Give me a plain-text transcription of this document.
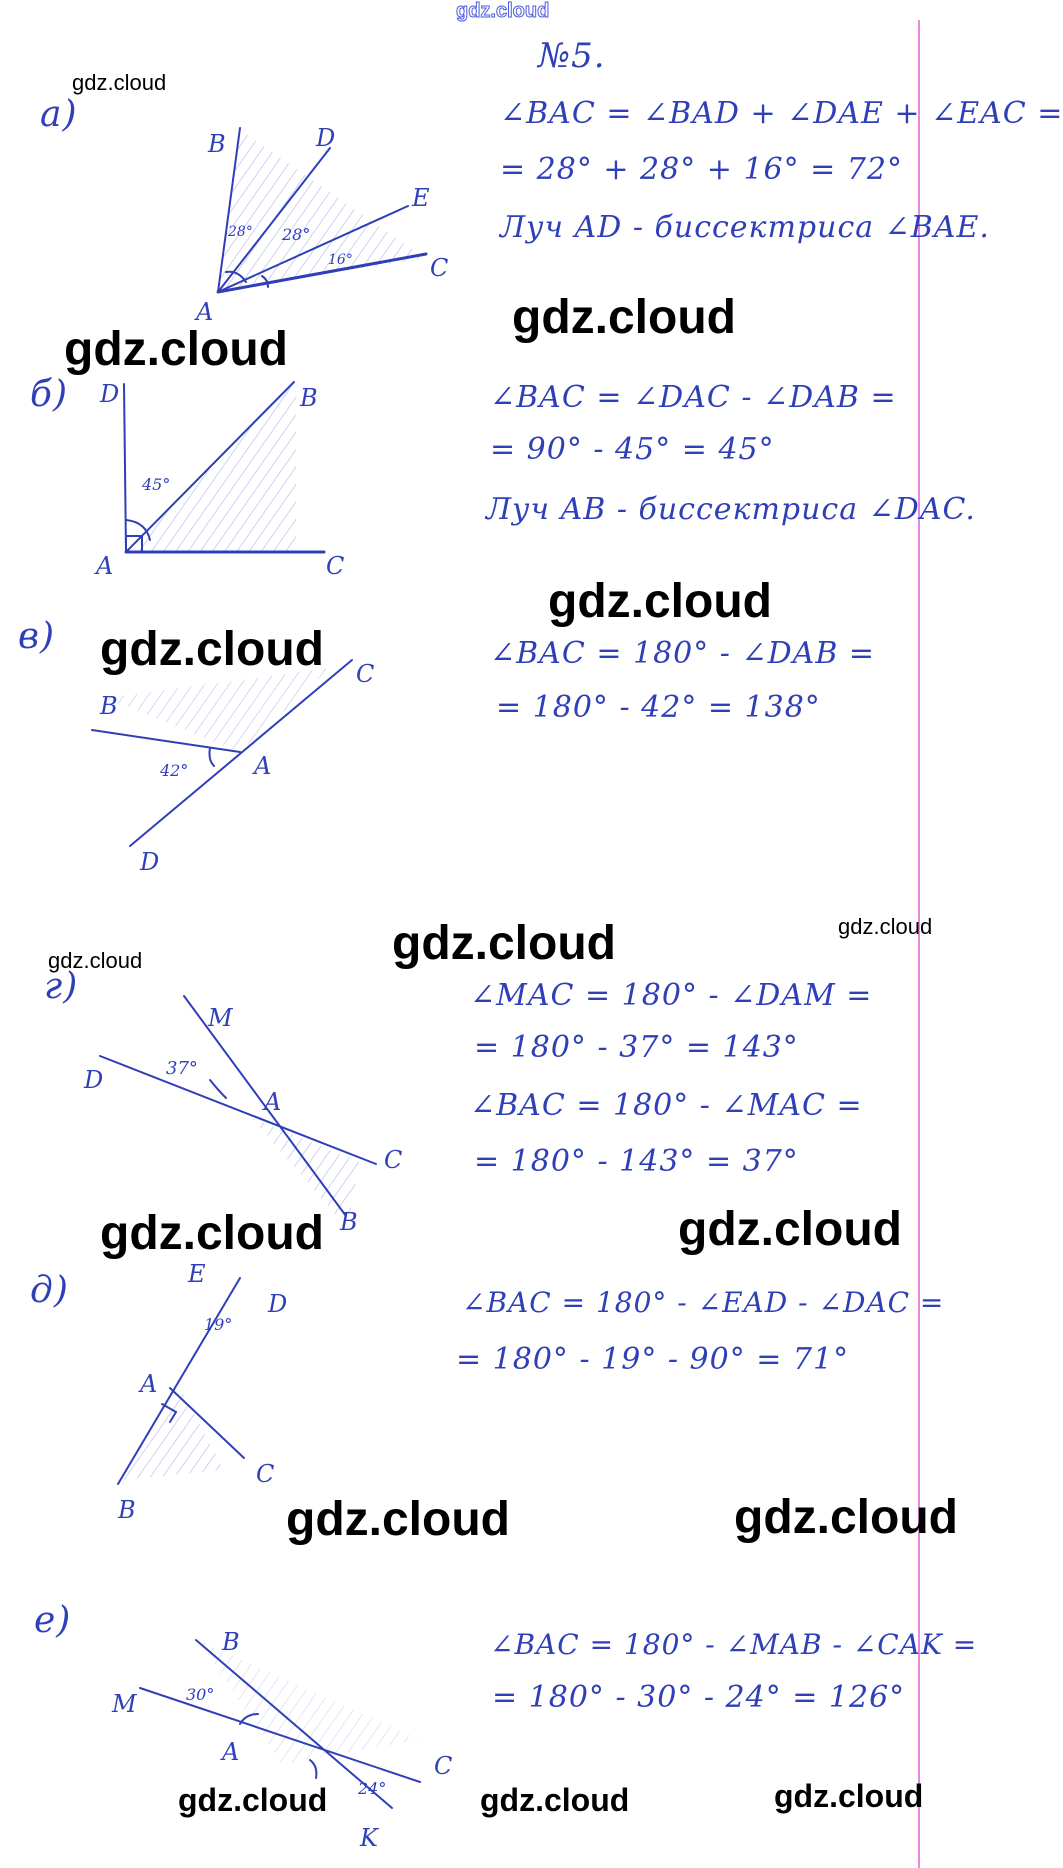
gdz.cloud
gdz.cloud
gdz.cloud
gdz.cloud
gdz.cloud
gdz.cloud
gdz.cloud	gdz.cloud
gdz.cloud
gdz.cloud	gdz.cloud
gdz.cloud	gdz.cloud
gdz.cloud	gdz.cloud	gdz.cloud
№5.
а)	∠BAC = ∠BAD + ∠DAE + ∠EAC =
= 28° + 28° + 16° = 72°
Луч AD - биссектриса ∠BAE.
б)	∠BAC = ∠DAC - ∠DAB =
= 90° - 45° = 45°
Луч AB - биссектриса ∠DAC.
в)	∠BAC = 180° - ∠DAB =
= 180° - 42° = 138°
г)	∠MAC = 180° - ∠DAM =
= 180° - 37° = 143°
∠BAC = 180° - ∠MAC =
= 180° - 143° = 37°
д)	∠BAC = 180° - ∠EAD - ∠DAC =
= 180° - 19° - 90° = 71°
е)
∠BAC = 180° - ∠MAB - ∠CAK =
= 180° - 30° - 24° = 126°
B	D
E
C
A
28° 28°
16°
D	B
A	C
45°
B
C
A
D
42°
M
D
A
C
B
37°
E
D
A
C
B
19°
B
M
A	C
K
30°
24°
